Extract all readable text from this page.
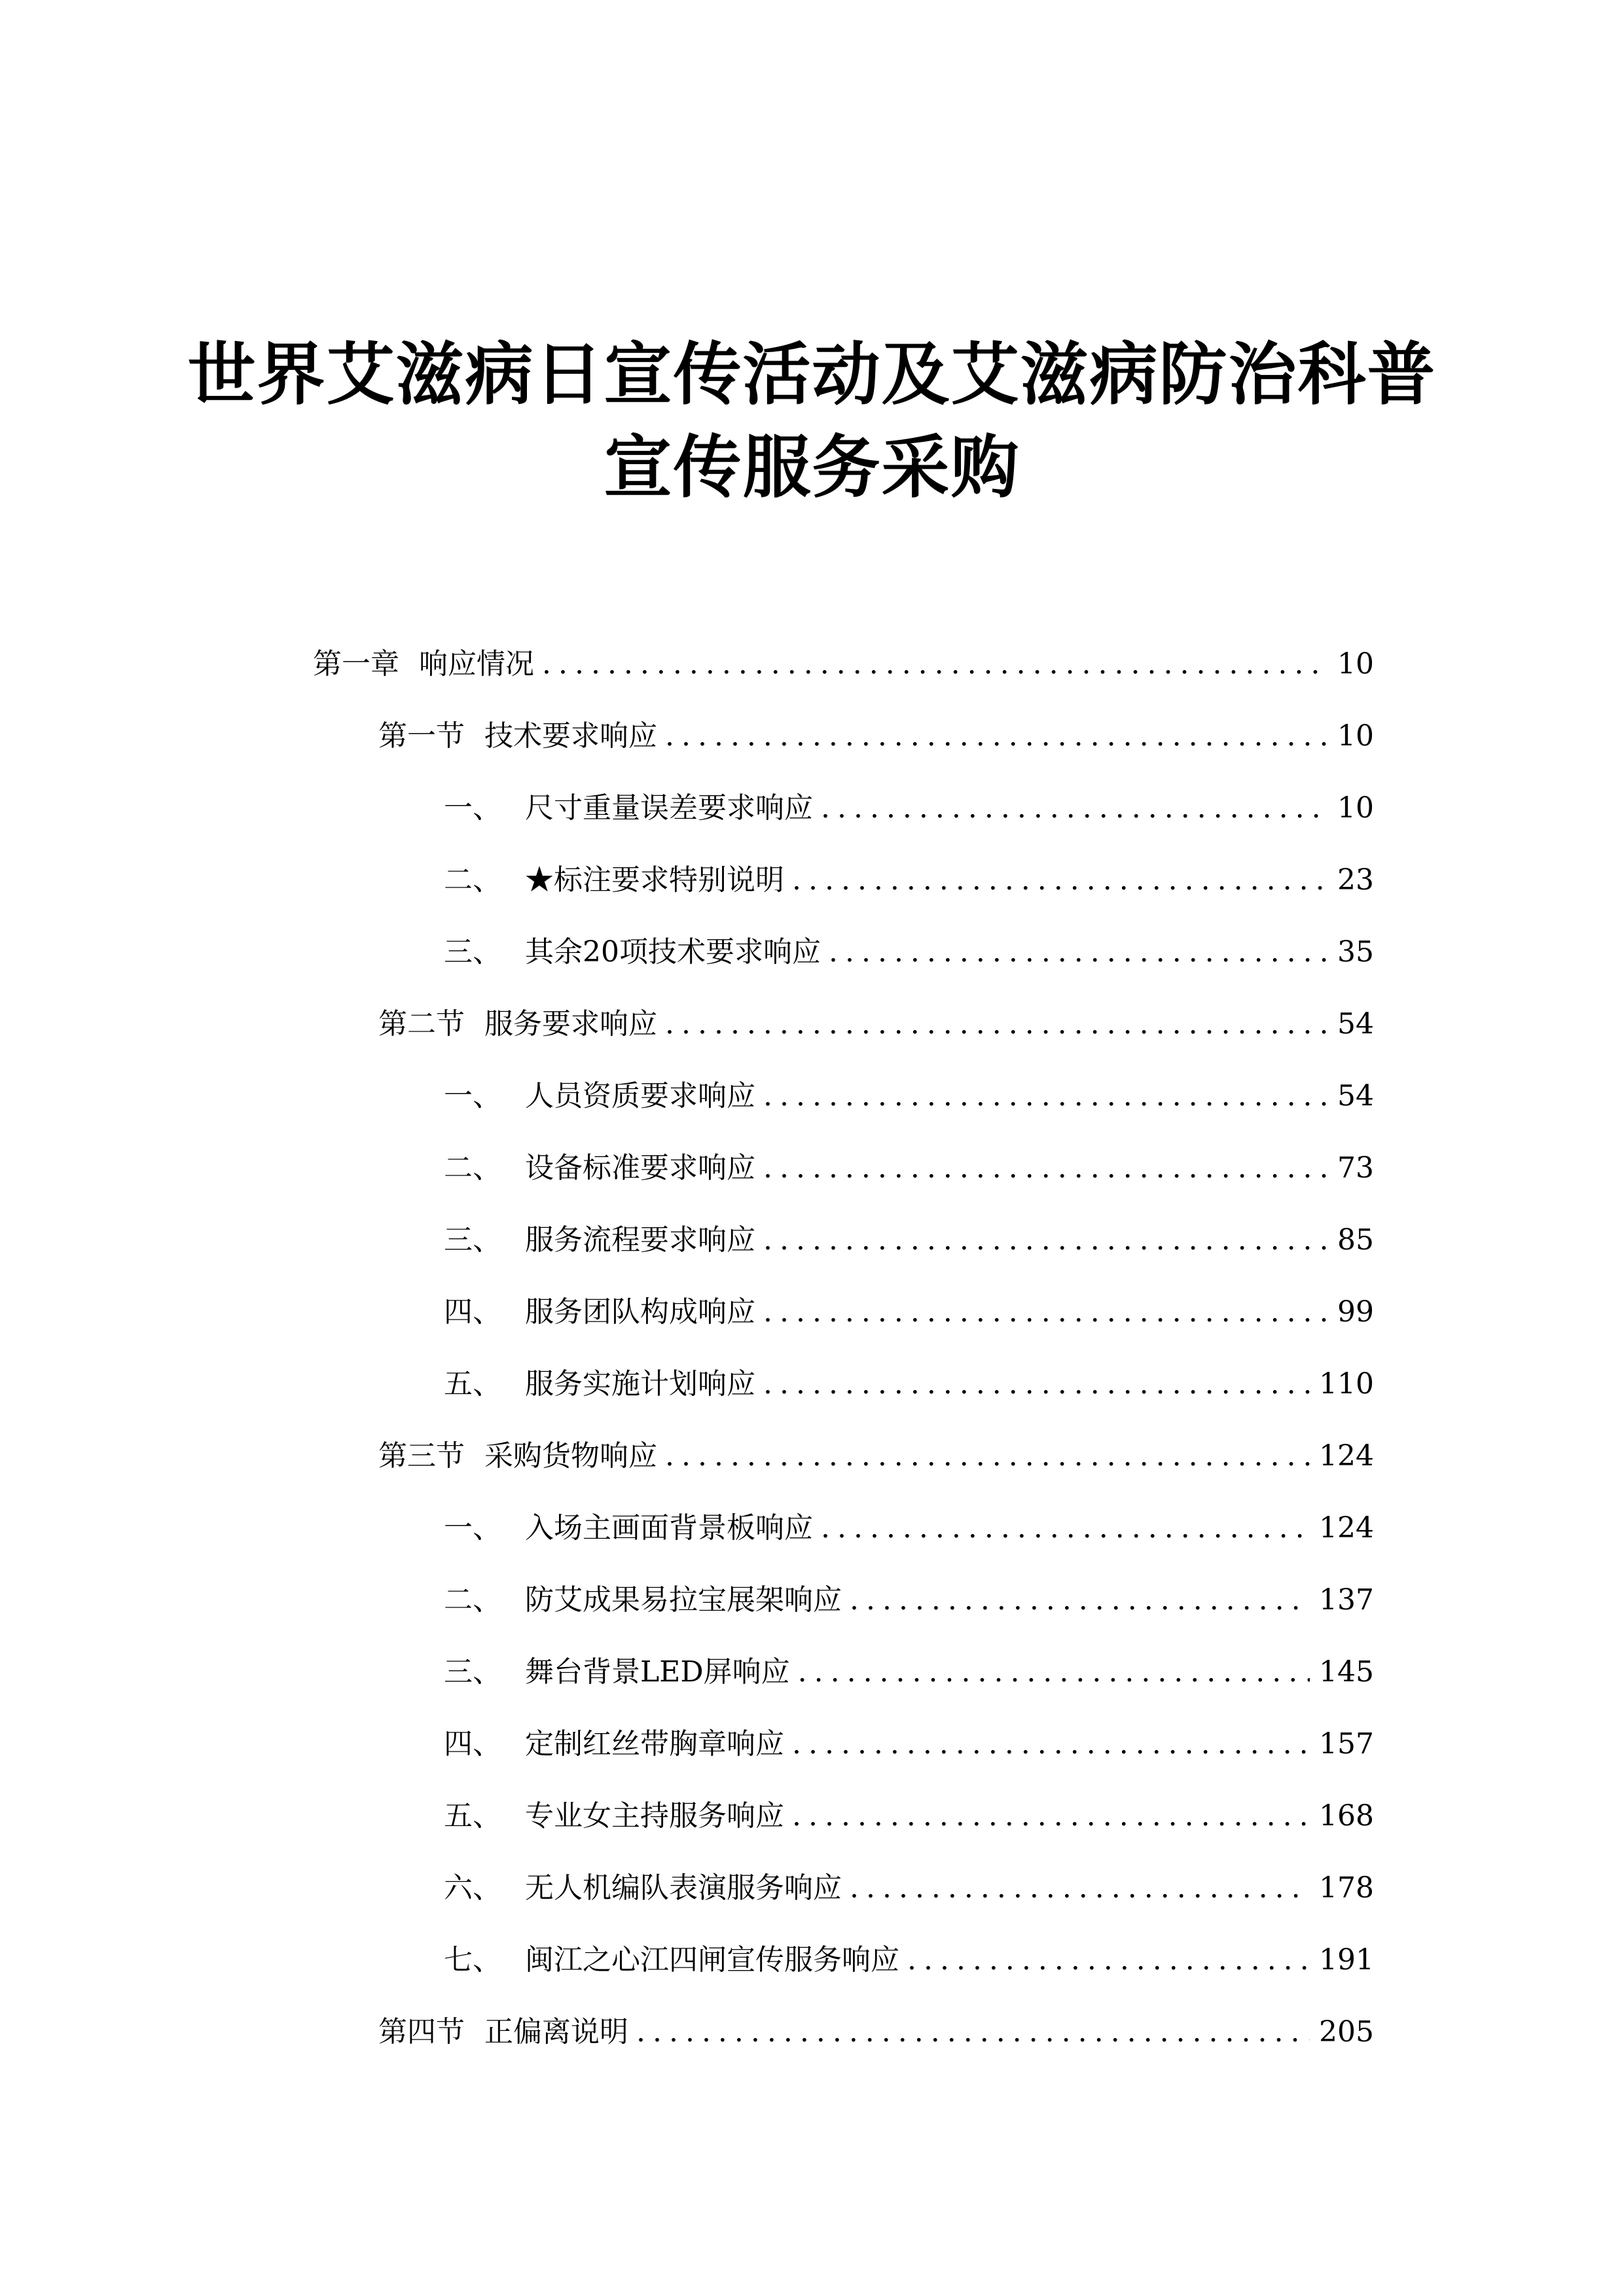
世界艾滋病日宣传活动及艾滋病防治科普
宣传服务采购
第一章 响应情况 .....	10
第一节 技术要求响应 .....	10
一、 尺寸重量误差要求响应 .....	10
二、 ★标注要求特别说明 .....	23
三、 其余20项技术要求响应 .....	35
第二节 服务要求响应 .....	54
一、 人员资质要求响应 .....	54
二、 设备标准要求响应 .....	73
三、 服务流程要求响应 .....	85
四、 服务团队构成响应 .....	99
五、 服务实施计划响应 .....	110
第三节 采购货物响应 .....	124
一、 入场主画面背景板响应 .....	124
二、 防艾成果易拉宝展架响应 .....	137
三、 舞台背景LED屏响应 .....	145
四、 定制红丝带胸章响应 .....	157
五、 专业女主持服务响应 .....	168
六、 无人机编队表演服务响应 .....	178
七、 闽江之心江四闸宣传服务响应 .....	191
第四节 正偏离说明 .....	205
